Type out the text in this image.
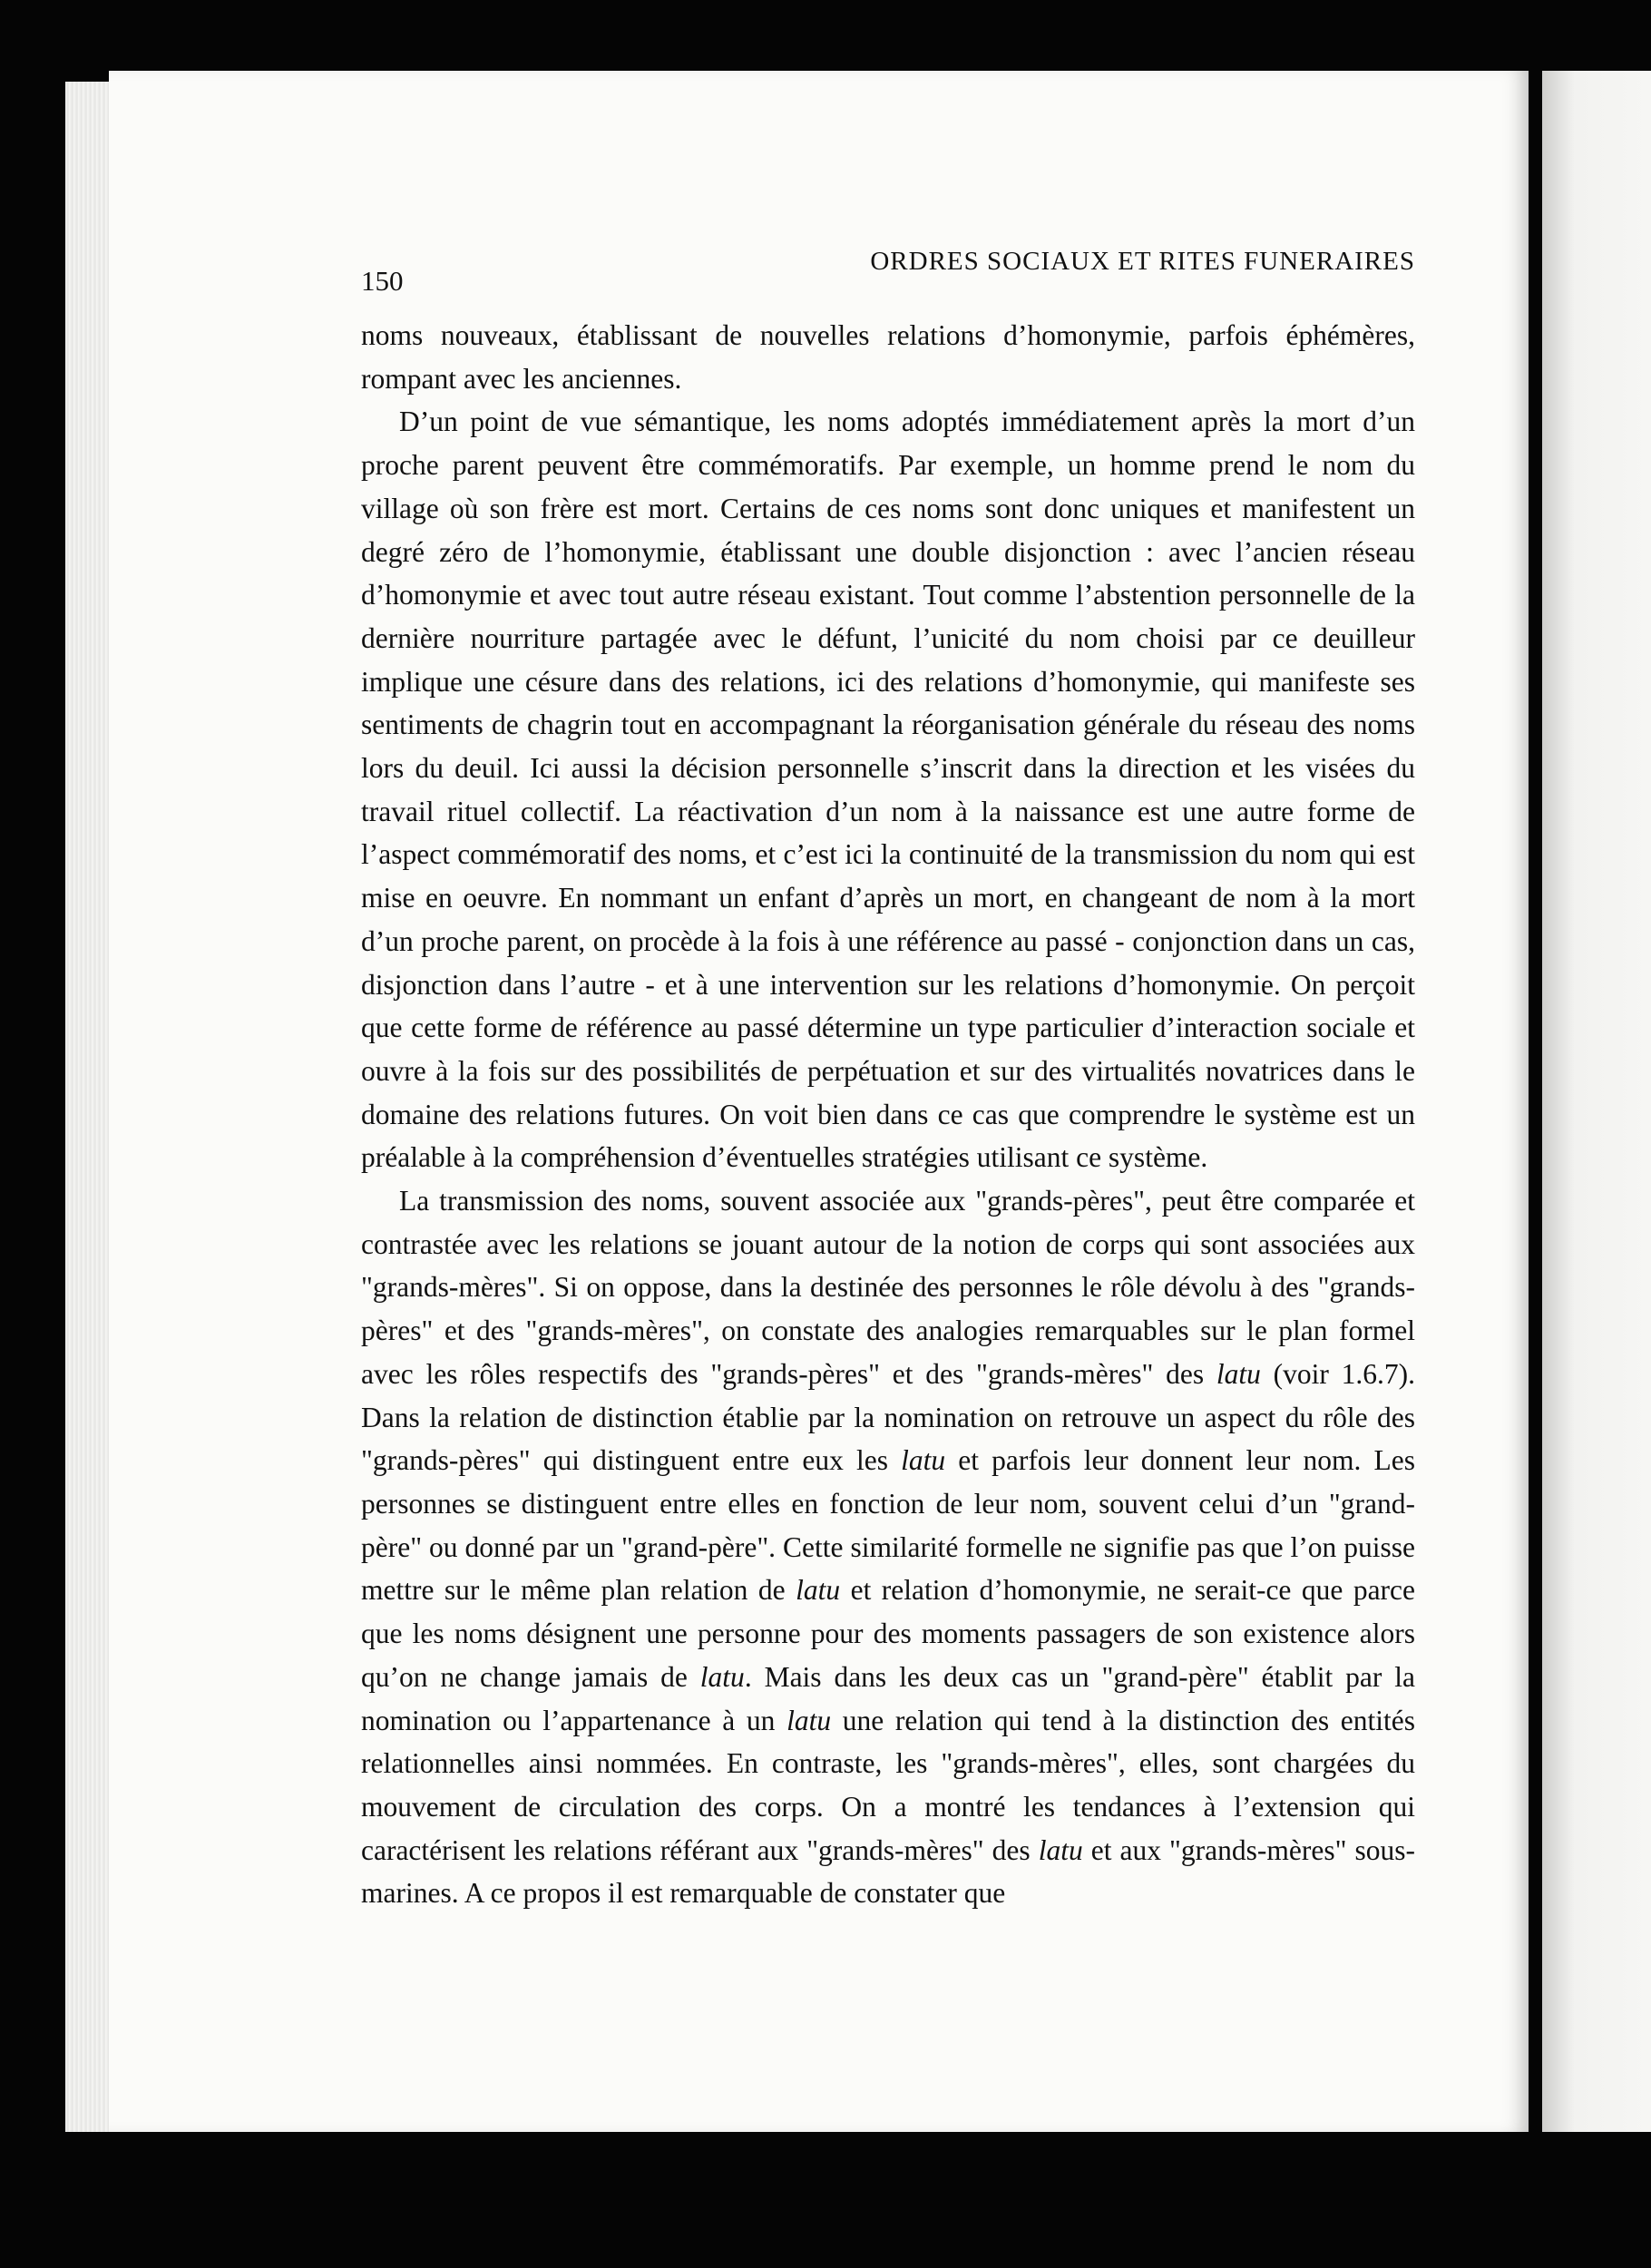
150
ORDRES SOCIAUX ET RITES FUNERAIRES

noms nouveaux, établissant de nouvelles relations d’homonymie, parfois éphémères, rompant avec les anciennes.

D’un point de vue sémantique, les noms adoptés immédiatement après la mort d’un proche parent peuvent être commémoratifs. Par exemple, un homme prend le nom du village où son frère est mort. Certains de ces noms sont donc uniques et manifestent un degré zéro de l’homonymie, établissant une double disjonction : avec l’ancien réseau d’homonymie et avec tout autre réseau existant. Tout comme l’abstention personnelle de la dernière nourriture partagée avec le défunt, l’unicité du nom choisi par ce deuilleur implique une césure dans des relations, ici des relations d’homonymie, qui manifeste ses sentiments de chagrin tout en accompagnant la réorganisation générale du réseau des noms lors du deuil. Ici aussi la décision personnelle s’inscrit dans la direction et les visées du travail rituel collectif. La réactivation d’un nom à la naissance est une autre forme de l’aspect commémoratif des noms, et c’est ici la continuité de la transmission du nom qui est mise en oeuvre. En nommant un enfant d’après un mort, en changeant de nom à la mort d’un proche parent, on procède à la fois à une référence au passé - conjonction dans un cas, disjonction dans l’autre - et à une intervention sur les relations d’homonymie. On perçoit que cette forme de référence au passé détermine un type particulier d’interaction sociale et ouvre à la fois sur des possibilités de perpétuation et sur des virtualités novatrices dans le domaine des relations futures. On voit bien dans ce cas que comprendre le système est un préalable à la compréhension d’éventuelles stratégies utilisant ce système.

La transmission des noms, souvent associée aux "grands-pères", peut être comparée et contrastée avec les relations se jouant autour de la notion de corps qui sont associées aux "grands-mères". Si on oppose, dans la destinée des personnes le rôle dévolu à des "grands-pères" et des "grands-mères", on constate des analogies remarquables sur le plan formel avec les rôles respectifs des "grands-pères" et des "grands-mères" des latu (voir 1.6.7). Dans la relation de distinction établie par la nomination on retrouve un aspect du rôle des "grands-pères" qui distinguent entre eux les latu et parfois leur donnent leur nom. Les personnes se distinguent entre elles en fonction de leur nom, souvent celui d’un "grand-père" ou donné par un "grand-père". Cette similarité formelle ne signifie pas que l’on puisse mettre sur le même plan relation de latu et relation d’homonymie, ne serait-ce que parce que les noms désignent une personne pour des moments passagers de son existence alors qu’on ne change jamais de latu. Mais dans les deux cas un "grand-père" établit par la nomination ou l’appartenance à un latu une relation qui tend à la distinction des entités relationnelles ainsi nommées. En contraste, les "grands-mères", elles, sont chargées du mouvement de circulation des corps. On a montré les tendances à l’extension qui caractérisent les relations référant aux "grands-mères" des latu et aux "grands-mères" sous-marines. A ce propos il est remarquable de constater que
